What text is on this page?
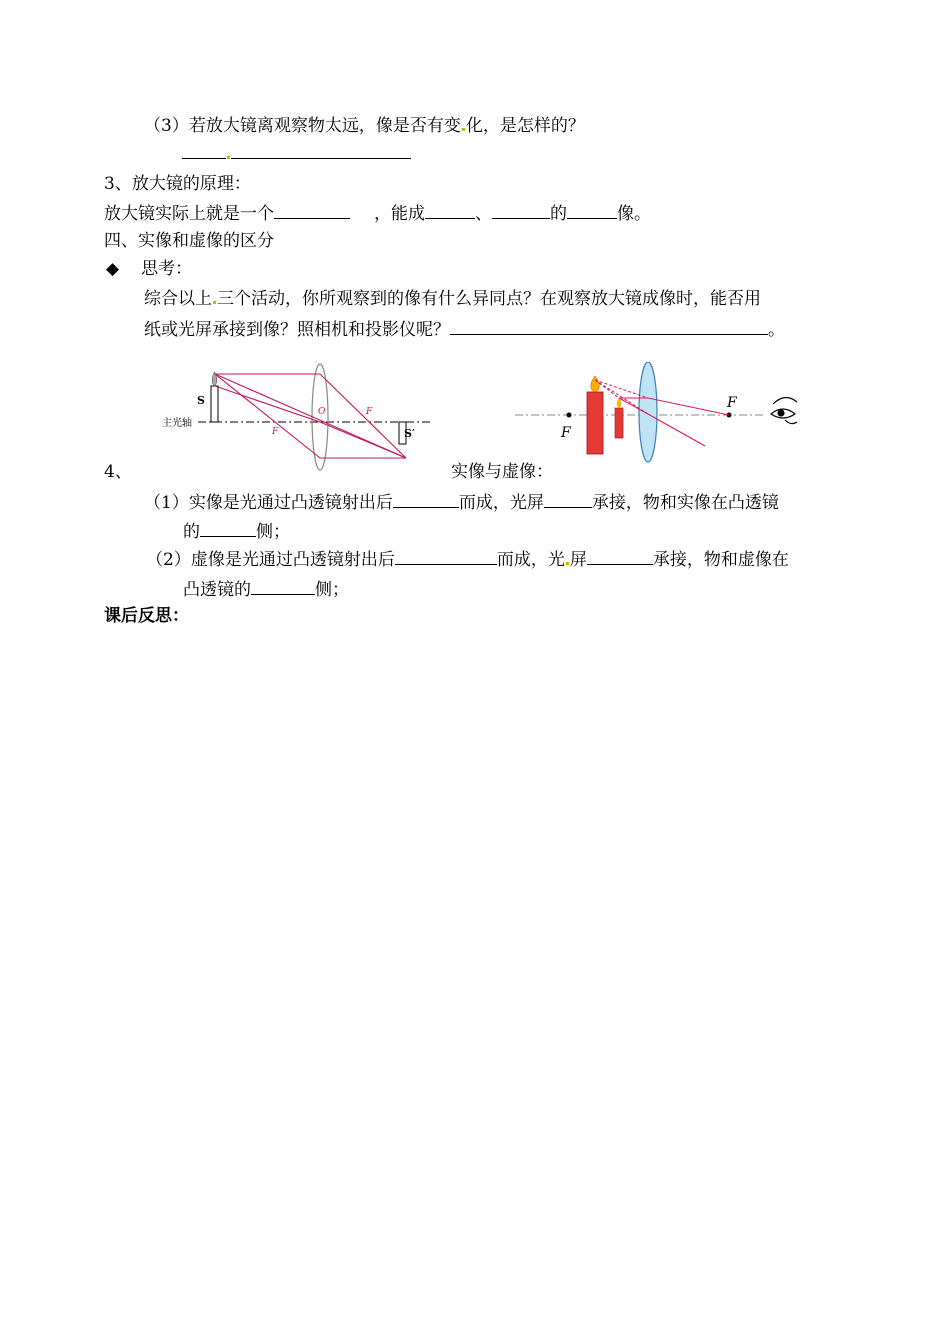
（3）若放大镜离观察物太远，像是否有变 化，是怎样的？
3、放大镜的原理：
放大镜实际上就是一个	，能成	、	的	像。
四、实像和虚像的区分
◆ 思考：
综合以上 三个活动，你所观察到的像有什么异同点？在观察放大镜成像时，能否用
纸或光屏承接到像？照相机和投影仪呢？	。
主光轴
S
O
F
F
S′	F
F
4、	实像与虚像：
（1）实像是光通过凸透镜射出后	而成，光屏	承接，物和实像在凸透镜
的	侧；
（2）虚像是光通过凸透镜射出后	而成，光 屏	承接，物和虚像在
凸透镜的	侧；
课后反思：
